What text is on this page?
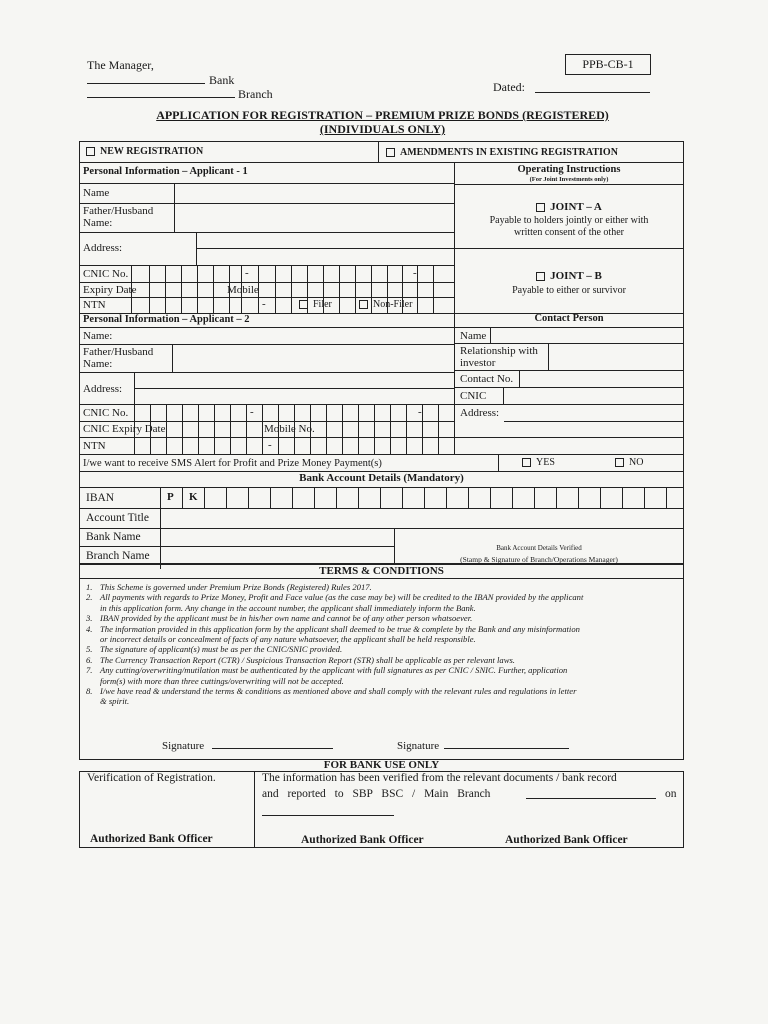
The Manager,
Bank
Branch
PPB-CB-1
Dated:
APPLICATION FOR REGISTRATION – PREMIUM PRIZE BONDS (REGISTERED)
(INDIVIDUALS ONLY)
NEW REGISTRATION	AMENDMENTS IN EXISTING REGISTRATION
Personal Information – Applicant - 1
Name
Father/Husband
Name:
Address:
CNIC No.	-	-
-
Expiry Date	Mobile
NTN	Filer	Non-Filer
Operating Instructions
(For Joint Investments only)
JOINT – A
Payable to holders jointly or either with
written consent of the other
JOINT – B
Payable to either or survivor
Personal Information – Applicant – 2	Contact Person
Name:
Father/Husband
Name:
Address:
CNIC No.	-	-
-
CNIC Expiry Date	Mobile No.
NTN
Name
Relationship with
investor
Contact No.
CNIC
Address:
I/we want to receive SMS Alert for Profit and Prize Money Payment(s)	YES	NO
Bank Account Details (Mandatory)
IBAN	P K
Account Title
Bank Name
Branch Name
Bank Account Details Verified
(Stamp & Signature of Branch/Operations Manager)
TERMS & CONDITIONS
1. This Scheme is governed under Premium Prize Bonds (Registered) Rules 2017.
2. All payments with regards to Prize Money, Profit and Face value (as the case may be) will be credited to the IBAN provided by the applicant
in this application form. Any change in the account number, the applicant shall immediately inform the Bank.
3. IBAN provided by the applicant must be in his/her own name and cannot be of any other person whatsoever.
4. The information provided in this application form by the applicant shall deemed to be true & complete by the Bank and any misinformation
or incorrect details or concealment of facts of any nature whatsoever, the applicant shall be held responsible.
5. The signature of applicant(s) must be as per the CNIC/SNIC provided.
6. The Currency Transaction Report (CTR) / Suspicious Transaction Report (STR) shall be applicable as per relevant laws.
7. Any cutting/overwriting/mutilation must be authenticated by the applicant with full signatures as per CNIC / SNIC. Further, application
form(s) with more than three cuttings/overwriting will not be accepted.
8. I/we have read & understand the terms & conditions as mentioned above and shall comply with the relevant rules and regulations in letter
& spirit.
Signature	Signature
FOR BANK USE ONLY
Verification of Registration.	The information has been verified from the relevant documents / bank record
and reported to SBP BSC / Main Branch	on
Authorized Bank Officer	Authorized Bank Officer	Authorized Bank Officer
